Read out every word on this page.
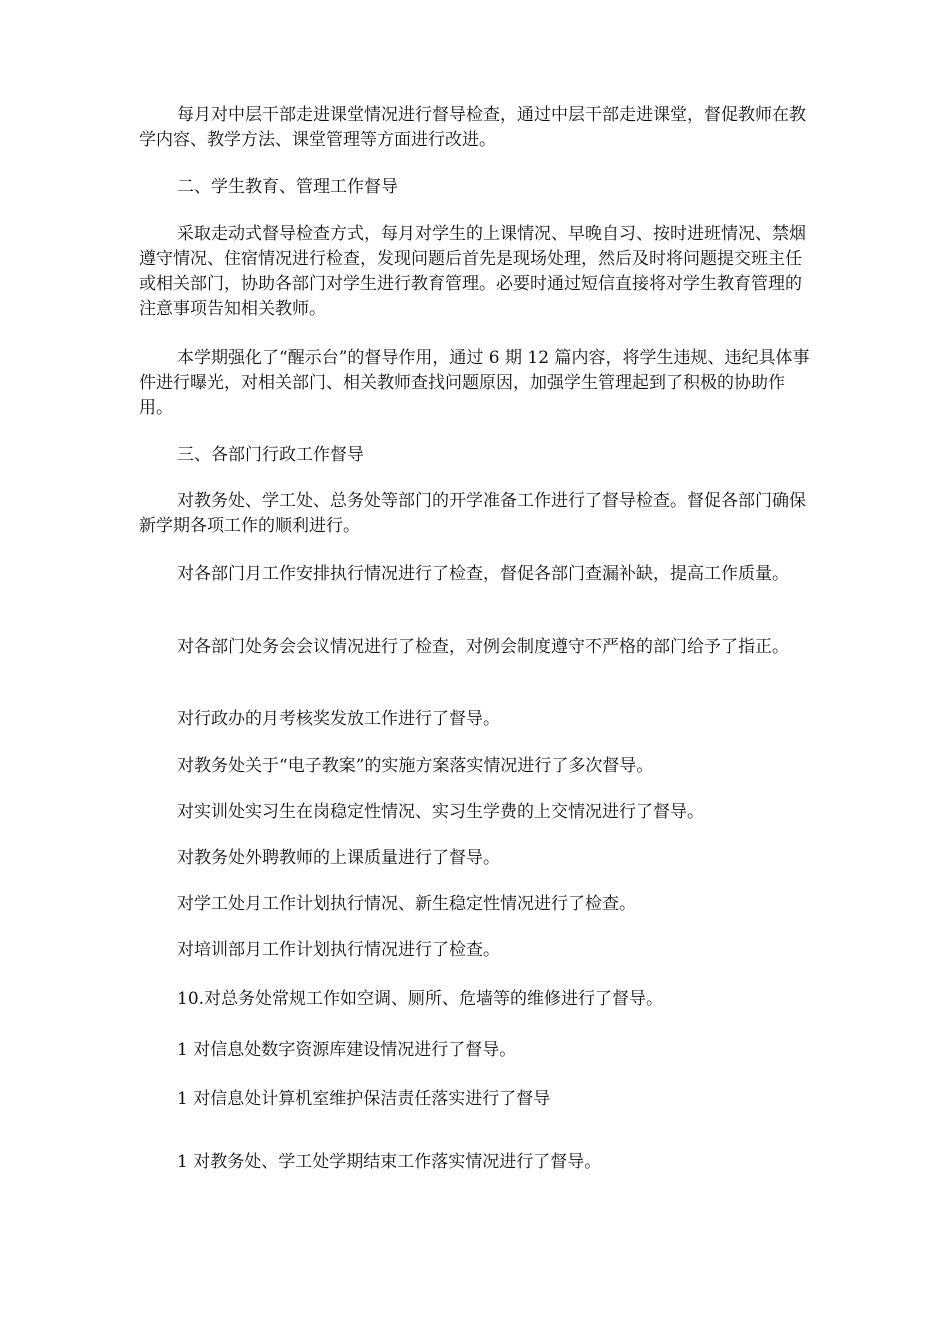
每月对中层干部走进课堂情况进行督导检查，通过中层干部走进课堂，督促教师在教学内容、教学方法、课堂管理等方面进行改进。

二、学生教育、管理工作督导

采取走动式督导检查方式，每月对学生的上课情况、早晚自习、按时进班情况、禁烟遵守情况、住宿情况进行检查，发现问题后首先是现场处理，然后及时将问题提交班主任或相关部门，协助各部门对学生进行教育管理。必要时通过短信直接将对学生教育管理的注意事项告知相关教师。

本学期强化了“醒示台”的督导作用，通过 6 期 12 篇内容，将学生违规、违纪具体事件进行曝光，对相关部门、相关教师查找问题原因，加强学生管理起到了积极的协助作用。

三、各部门行政工作督导

对教务处、学工处、总务处等部门的开学准备工作进行了督导检查。督促各部门确保新学期各项工作的顺利进行。

对各部门月工作安排执行情况进行了检查，督促各部门查漏补缺，提高工作质量。

对各部门处务会会议情况进行了检查，对例会制度遵守不严格的部门给予了指正。

对行政办的月考核奖发放工作进行了督导。

对教务处关于“电子教案”的实施方案落实情况进行了多次督导。

对实训处实习生在岗稳定性情况、实习生学费的上交情况进行了督导。

对教务处外聘教师的上课质量进行了督导。

对学工处月工作计划执行情况、新生稳定性情况进行了检查。

对培训部月工作计划执行情况进行了检查。

10.对总务处常规工作如空调、厕所、危墙等的维修进行了督导。

1 对信息处数字资源库建设情况进行了督导。

1 对信息处计算机室维护保洁责任落实进行了督导

1 对教务处、学工处学期结束工作落实情况进行了督导。
